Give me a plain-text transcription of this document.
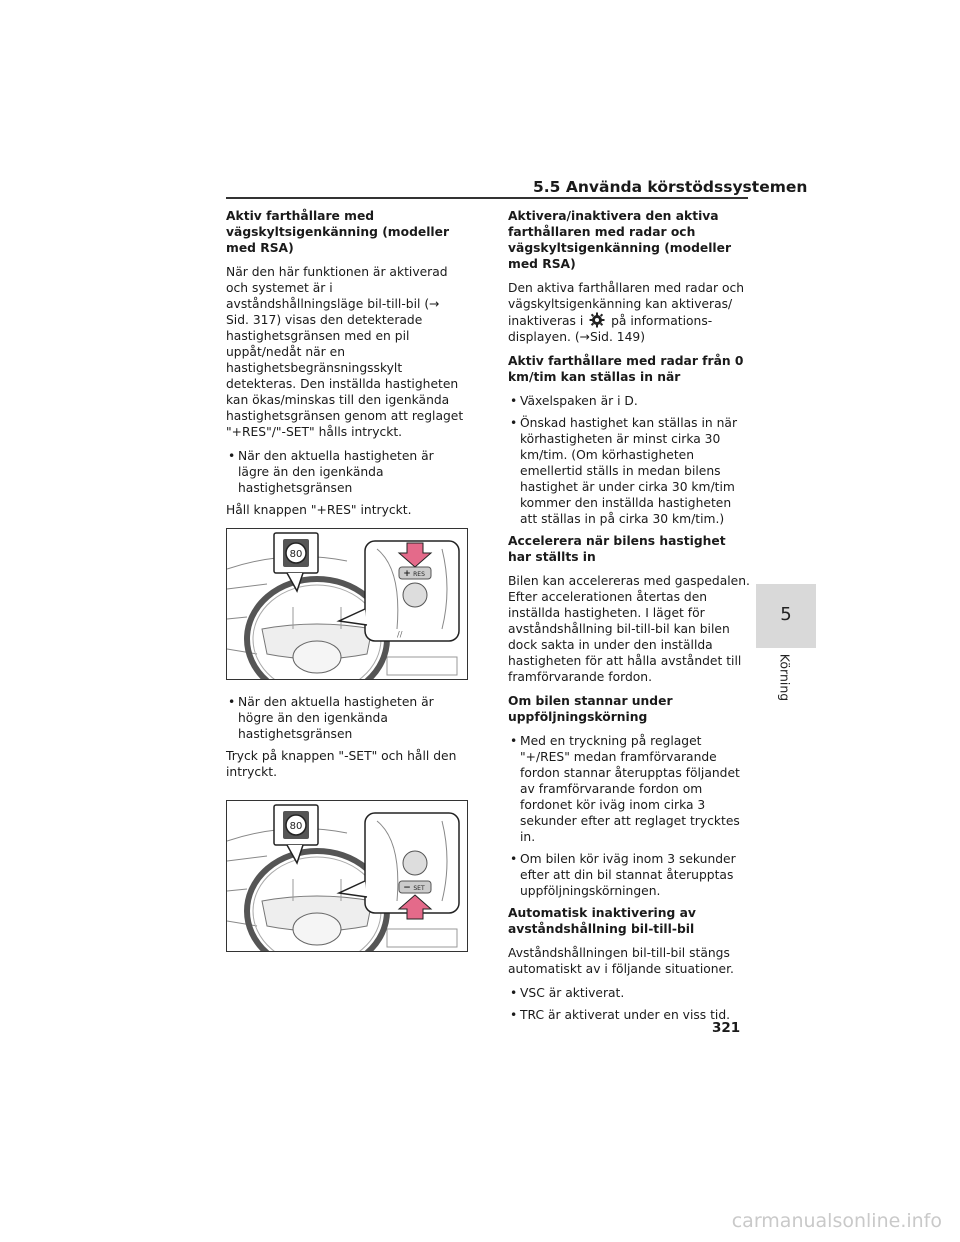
5.5 Använda körstödssystemen
Aktiv farthållare med vägskyltsigenkänning (modeller med RSA)

När den här funktionen är aktiverad och systemet är i avståndshållningsläge bil-till-bil (→ Sid. 317) visas den detekterade hastighetsgränsen med en pil uppåt/nedåt när en hastighetsbegränsningsskylt detekteras. Den inställda hastigheten kan ökas/minskas till den igenkända hastighetsgränsen genom att reglaget "+RES"/"-SET" hålls intryckt.

• När den aktuella hastigheten är lägre än den igenkända hastighetsgränsen

Håll knappen "+RES" intryckt.

80
+ RES
//
• När den aktuella hastigheten är högre än den igenkända hastighetsgränsen

Tryck på knappen "-SET" och håll den intryckt.

80
− SET
Aktivera/inaktivera den aktiva farthållaren med radar och vägskyltsigenkänning (modeller med RSA)

Den aktiva farthållaren med radar och vägskyltsigenkänning kan aktiveras/ inaktiveras i på informations- displayen. (→Sid. 149)

Aktiv farthållare med radar från 0 km/tim kan ställas in när
• Växelspaken är i D.
• Önskad hastighet kan ställas in när körhastigheten är minst cirka 30 km/tim. (Om körhastigheten emellertid ställs in medan bilens hastighet är under cirka 30 km/tim kommer den inställda hastigheten att ställas in på cirka 30 km/tim.)
Accelerera när bilens hastighet har ställts in

Bilen kan accelereras med gaspedalen. Efter accelerationen återtas den inställda hastigheten. I läget för avståndshållning bil-till-bil kan bilen dock sakta in under den inställda hastigheten för att hålla avståndet till framförvarande fordon.

Om bilen stannar under uppföljningskörning
• Med en tryckning på reglaget "+/RES" medan framförvarande fordon stannar återupptas följandet av framförvarande fordon om fordonet kör iväg inom cirka 3 sekunder efter att reglaget trycktes in.
• Om bilen kör iväg inom 3 sekunder efter att din bil stannat återupptas uppföljningskörningen.
Automatisk inaktivering av avståndshållning bil-till-bil

Avståndshållningen bil-till-bil stängs automatiskt av i följande situationer.

• VSC är aktiverat.
• TRC är aktiverat under en viss tid.
5
Körning
321
carmanualsonline.info
